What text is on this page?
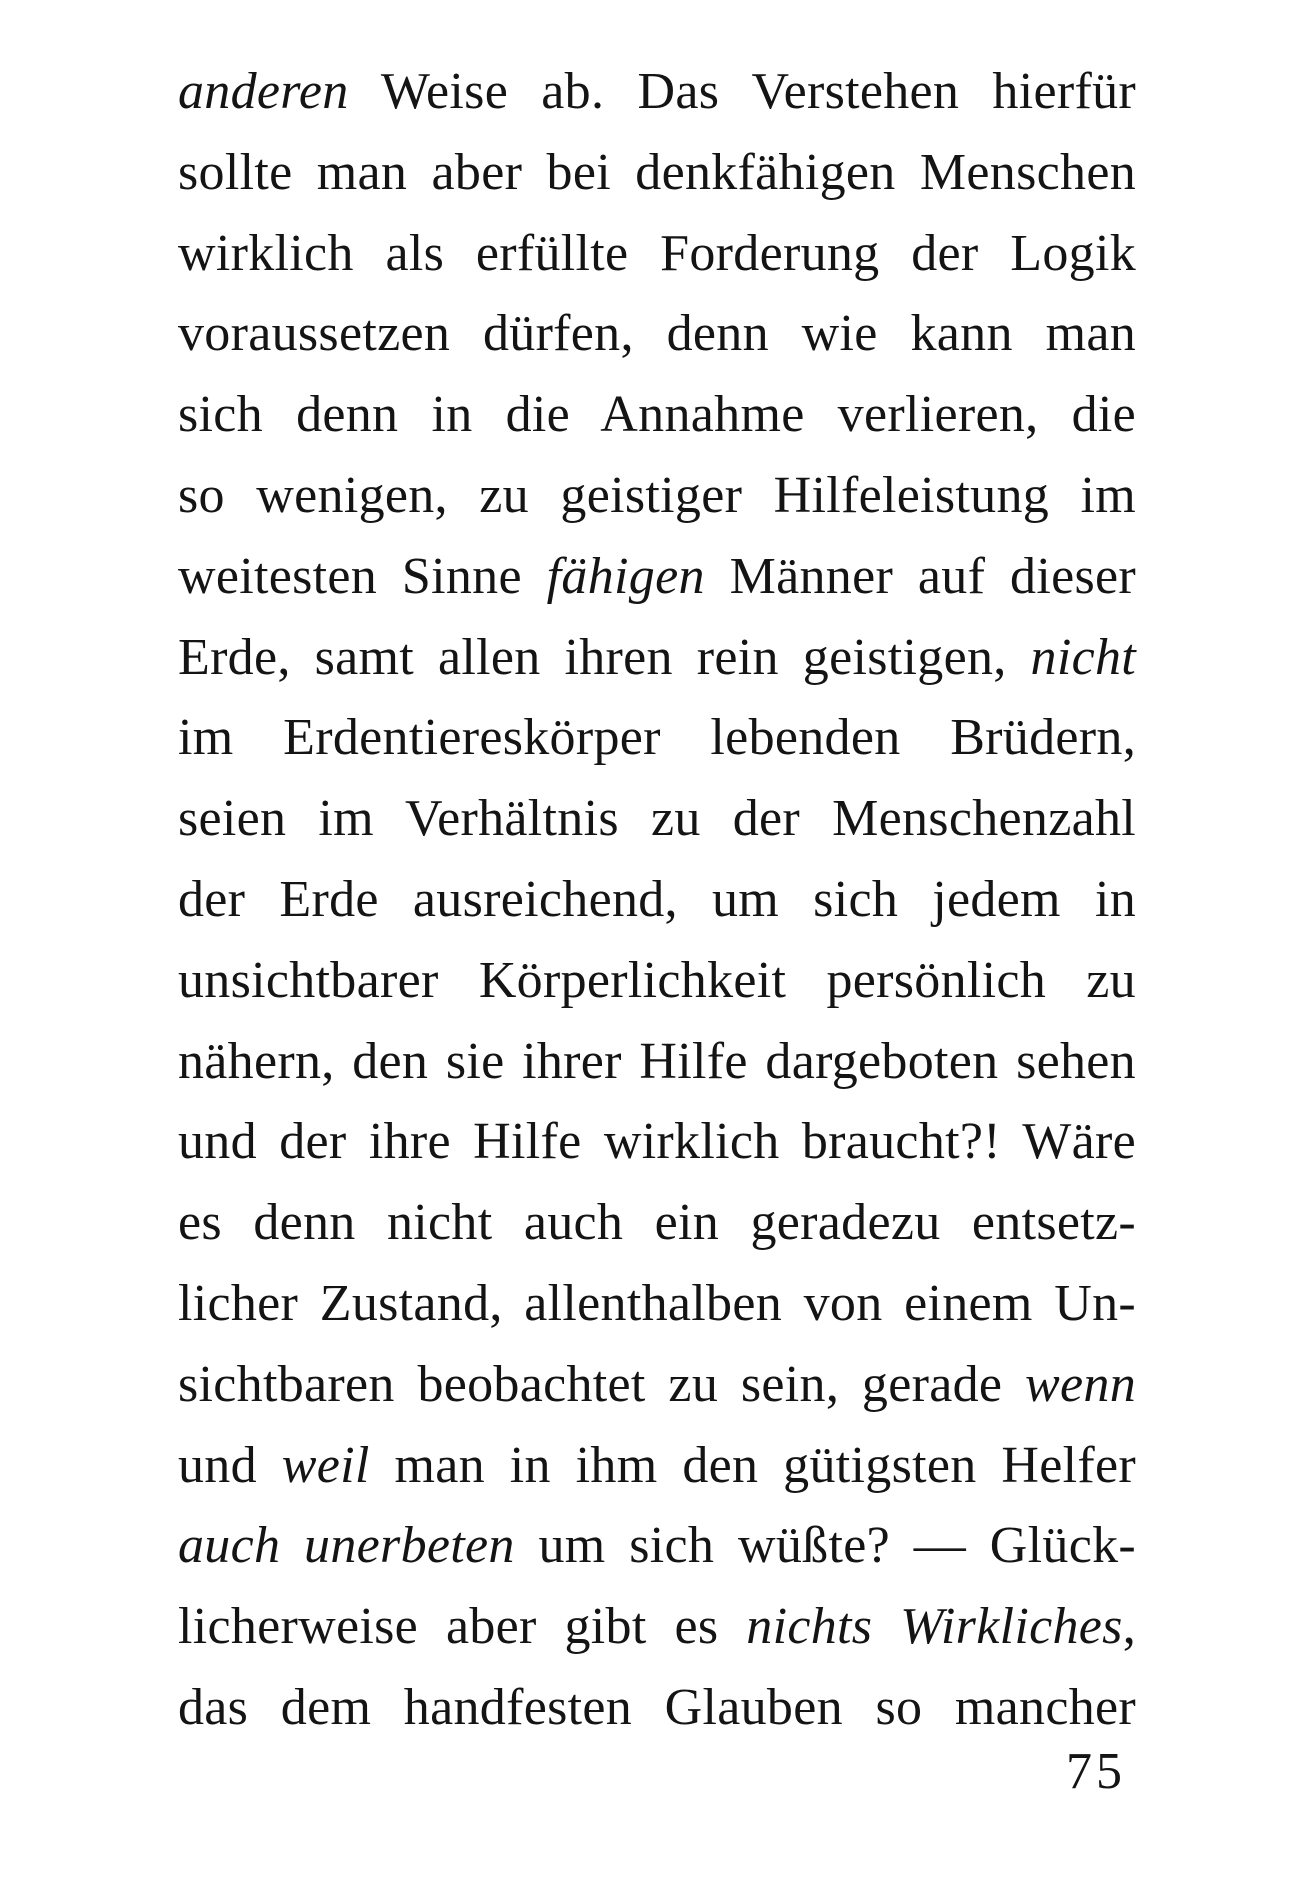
anderen Weise ab. Das Verstehen hierfür
sollte man aber bei denkfähigen Menschen
wirklich als erfüllte Forderung der Logik
voraussetzen dürfen, denn wie kann man
sich denn in die Annahme verlieren, die
so wenigen, zu geistiger Hilfeleistung im
weitesten Sinne fähigen Männer auf dieser
Erde, samt allen ihren rein geistigen, nicht
im Erdentiereskörper lebenden Brüdern,
seien im Verhältnis zu der Menschenzahl
der Erde ausreichend, um sich jedem in
unsichtbarer Körperlichkeit persönlich zu
nähern, den sie ihrer Hilfe dargeboten sehen
und der ihre Hilfe wirklich braucht?! Wäre
es denn nicht auch ein geradezu entsetz-
licher Zustand, allenthalben von einem Un-
sichtbaren beobachtet zu sein, gerade wenn
und weil man in ihm den gütigsten Helfer
auch unerbeten um sich wüßte? — Glück-
licherweise aber gibt es nichts Wirkliches,
das dem handfesten Glauben so mancher
75
